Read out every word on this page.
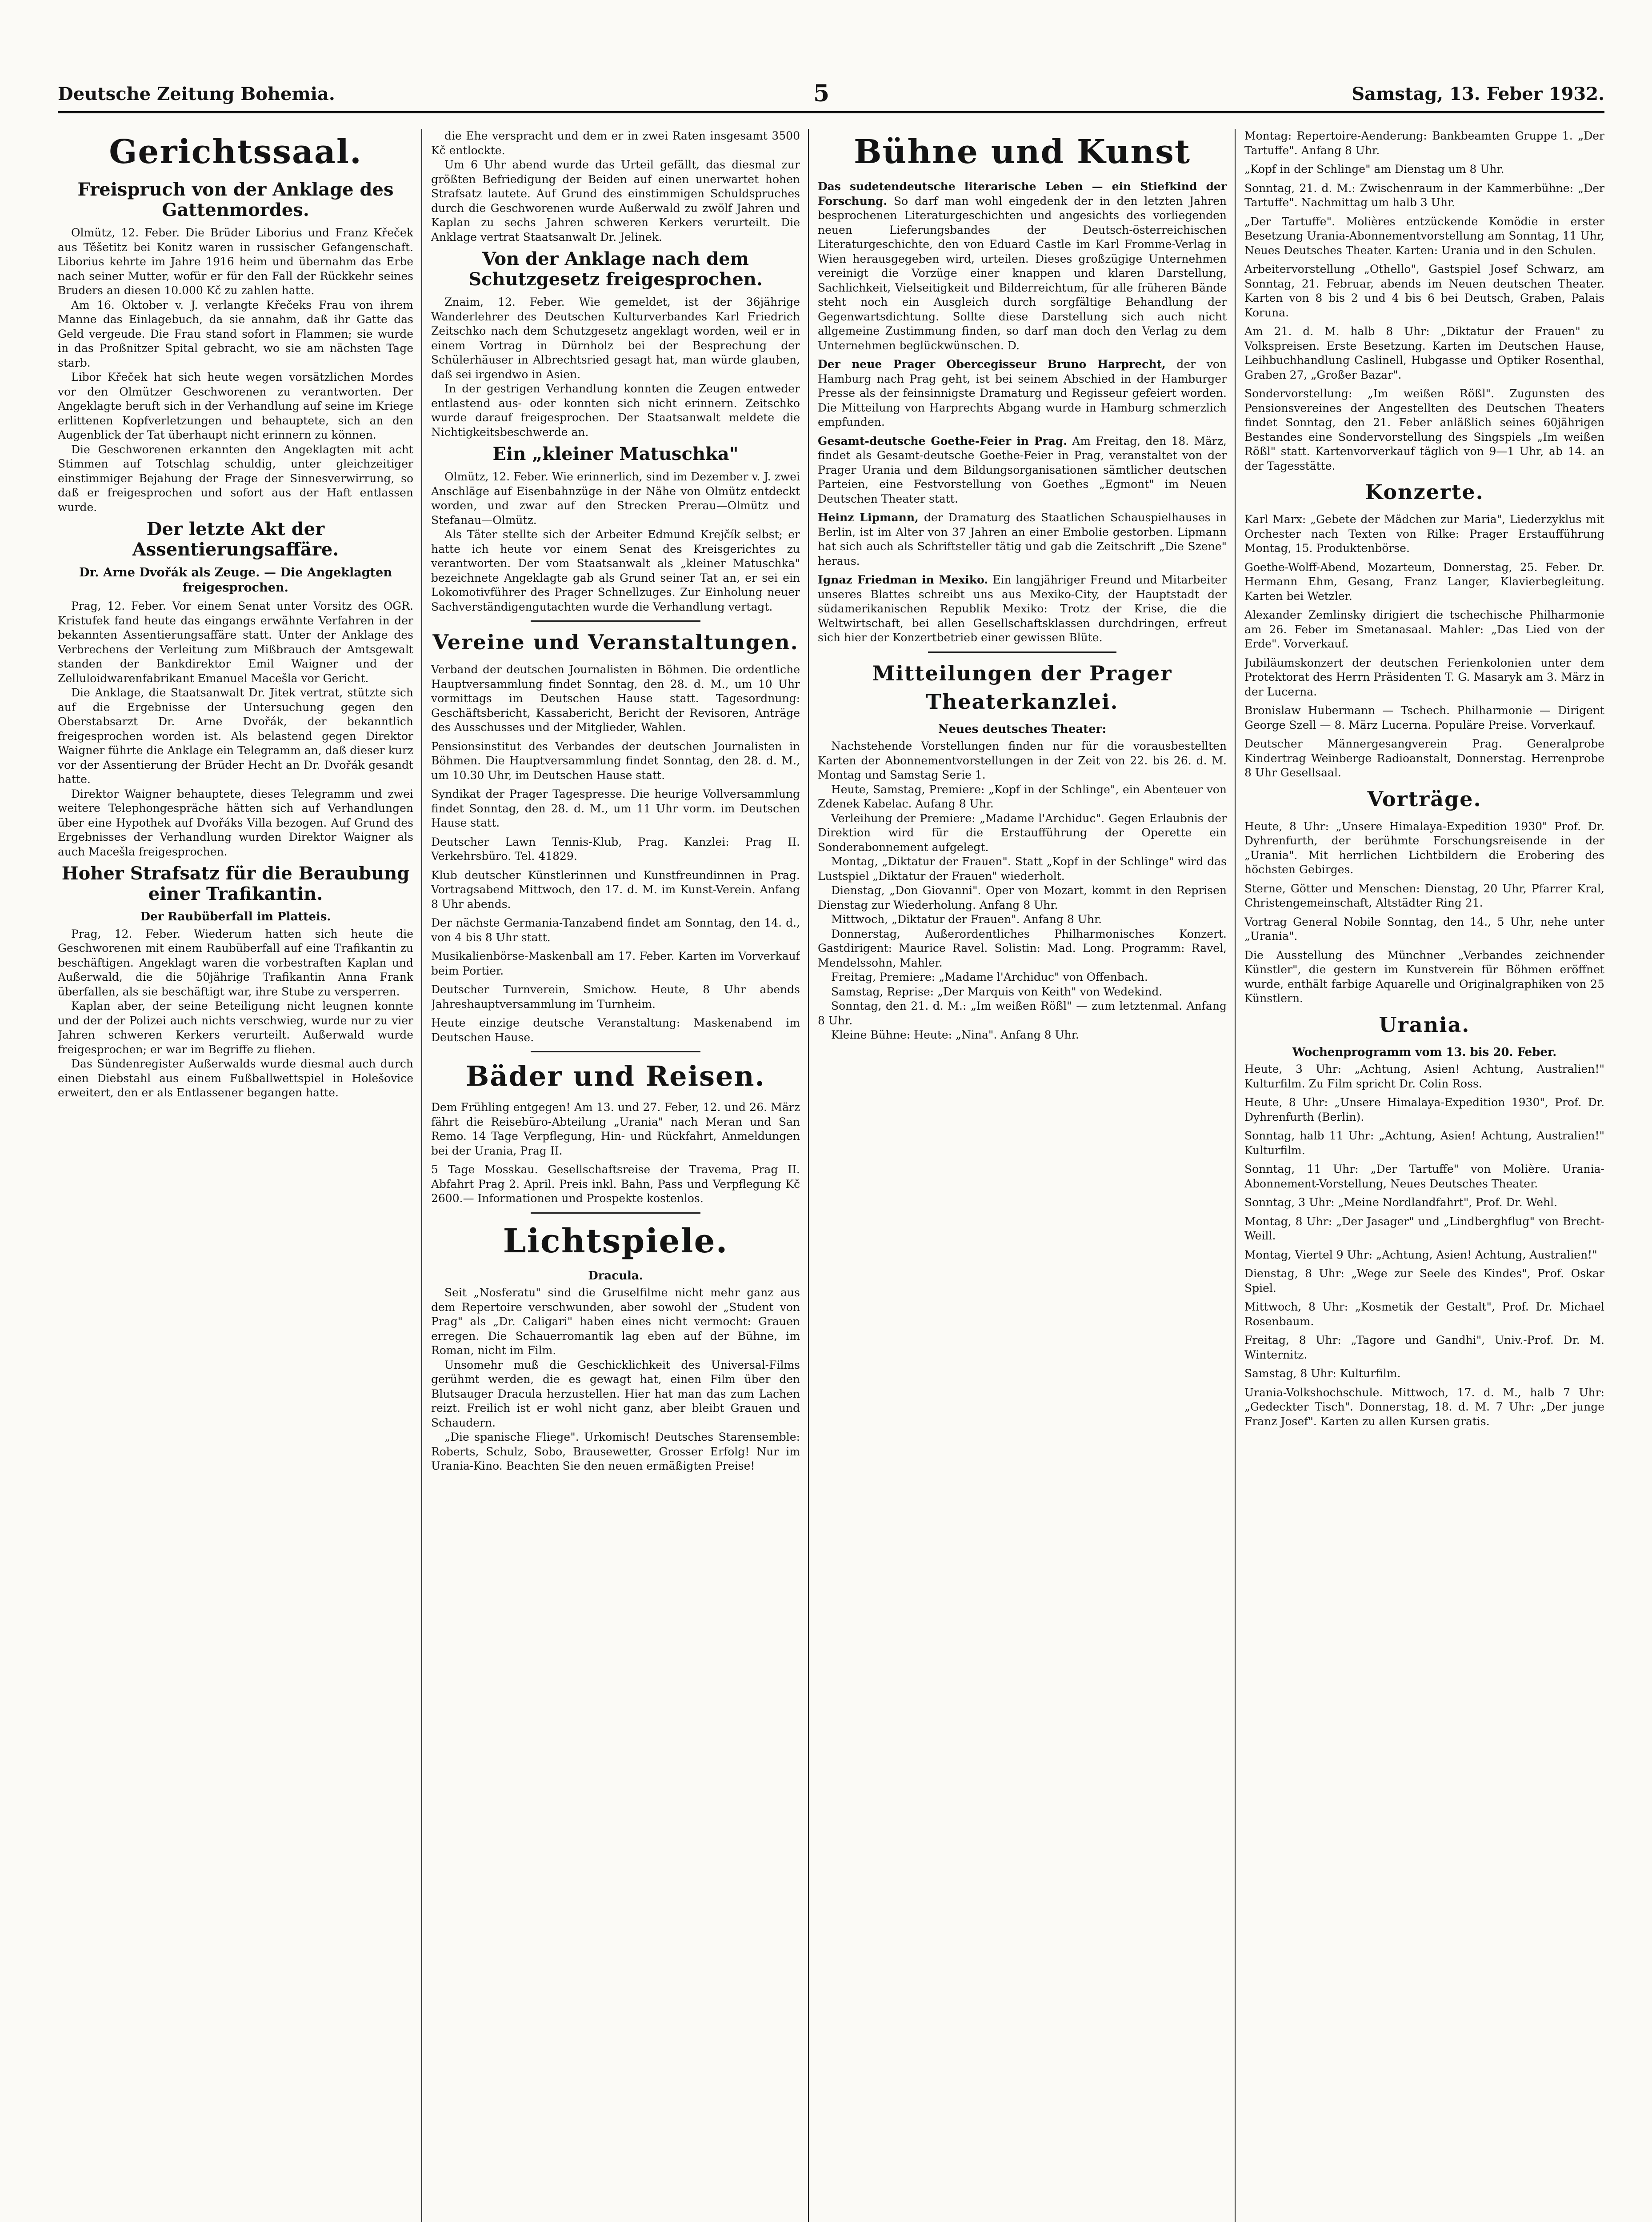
Deutsche Zeitung Bohemia.	5	Samstag, 13. Feber 1932.
Gerichtssaal.
Freispruch von der Anklage des Gattenmordes.

Olmütz, 12. Feber. Die Brüder Liborius und Franz Křeček aus Těšetitz bei Konitz waren in russischer Gefangenschaft. Liborius kehrte im Jahre 1916 heim und übernahm das Erbe nach seiner Mutter, wofür er für den Fall der Rückkehr seines Bruders an diesen 10.000 Kč zu zahlen hatte.

Am 16. Oktober v. J. verlangte Křečeks Frau von ihrem Manne das Einlagebuch, da sie annahm, daß ihr Gatte das Geld vergeude. Die Frau stand sofort in Flammen; sie wurde in das Proßnitzer Spital gebracht, wo sie am nächsten Tage starb.

Libor Křeček hat sich heute wegen vorsätzlichen Mordes vor den Olmützer Geschworenen zu verantworten. Der Angeklagte beruft sich in der Verhandlung auf seine im Kriege erlittenen Kopfverletzungen und behauptete, sich an den Augenblick der Tat überhaupt nicht erinnern zu können.

Die Geschworenen erkannten den Angeklagten mit acht Stimmen auf Totschlag schuldig, unter gleichzeitiger einstimmiger Bejahung der Frage der Sinnesverwirrung, so daß er freigesprochen und sofort aus der Haft entlassen wurde.

Der letzte Akt der Assentierungsaffäre.
Dr. Arne Dvořák als Zeuge. — Die Angeklagten freigesprochen.

Prag, 12. Feber. Vor einem Senat unter Vorsitz des OGR. Kristufek fand heute das eingangs erwähnte Verfahren in der bekannten Assentierungsaffäre statt. Unter der Anklage des Verbrechens der Verleitung zum Mißbrauch der Amtsgewalt standen der Bankdirektor Emil Waigner und der Zelluloidwarenfabrikant Emanuel Macešla vor Gericht.

Die Anklage, die Staatsanwalt Dr. Jitek vertrat, stützte sich auf die Ergebnisse der Untersuchung gegen den Oberstabsarzt Dr. Arne Dvořák, der bekanntlich freigesprochen worden ist. Als belastend gegen Direktor Waigner führte die Anklage ein Telegramm an, daß dieser kurz vor der Assentierung der Brüder Hecht an Dr. Dvořák gesandt hatte.

Direktor Waigner behauptete, dieses Telegramm und zwei weitere Telephongespräche hätten sich auf Verhandlungen über eine Hypothek auf Dvořáks Villa bezogen. Auf Grund des Ergebnisses der Verhandlung wurden Direktor Waigner als auch Macešla freigesprochen.

Hoher Strafsatz für die Beraubung einer Trafikantin.
Der Raubüberfall im Platteis.

Prag, 12. Feber. Wiederum hatten sich heute die Geschworenen mit einem Raubüberfall auf eine Trafikantin zu beschäftigen. Angeklagt waren die vorbestraften Kaplan und Außerwald, die die 50jährige Trafikantin Anna Frank überfallen, als sie beschäftigt war, ihre Stube zu versperren.

Kaplan aber, der seine Beteiligung nicht leugnen konnte und der der Polizei auch nichts verschwieg, wurde nur zu vier Jahren schweren Kerkers verurteilt. Außerwald wurde freigesprochen; er war im Begriffe zu fliehen.

Das Sündenregister Außerwalds wurde diesmal auch durch einen Diebstahl aus einem Fußballwettspiel in Holešovice erweitert, den er als Entlassener begangen hatte.

die Ehe verspracht und dem er in zwei Raten insgesamt 3500 Kč entlockte.

Um 6 Uhr abend wurde das Urteil gefällt, das diesmal zur größten Befriedigung der Beiden auf einen unerwartet hohen Strafsatz lautete. Auf Grund des einstimmigen Schuldspruches durch die Geschworenen wurde Außerwald zu zwölf Jahren und Kaplan zu sechs Jahren schweren Kerkers verurteilt. Die Anklage vertrat Staatsanwalt Dr. Jelinek.

Von der Anklage nach dem Schutzgesetz freigesprochen.

Znaim, 12. Feber. Wie gemeldet, ist der 36jährige Wanderlehrer des Deutschen Kulturverbandes Karl Friedrich Zeitschko nach dem Schutzgesetz angeklagt worden, weil er in einem Vortrag in Dürnholz bei der Besprechung der Schülerhäuser in Albrechtsried gesagt hat, man würde glauben, daß sei irgendwo in Asien.

In der gestrigen Verhandlung konnten die Zeugen entweder entlastend aus- oder konnten sich nicht erinnern. Zeitschko wurde darauf freigesprochen. Der Staatsanwalt meldete die Nichtigkeitsbeschwerde an.

Ein „kleiner Matuschka"

Olmütz, 12. Feber. Wie erinnerlich, sind im Dezember v. J. zwei Anschläge auf Eisenbahnzüge in der Nähe von Olmütz entdeckt worden, und zwar auf den Strecken Prerau—Olmütz und Stefanau—Olmütz.

Als Täter stellte sich der Arbeiter Edmund Krejčík selbst; er hatte ich heute vor einem Senat des Kreisgerichtes zu verantworten. Der vom Staatsanwalt als „kleiner Matuschka" bezeichnete Angeklagte gab als Grund seiner Tat an, er sei ein Lokomotivführer des Prager Schnellzuges. Zur Einholung neuer Sachverständigengutachten wurde die Verhandlung vertagt.

Vereine und Veranstaltungen.
Verband der deutschen Journalisten in Böhmen. Die ordentliche Hauptversammlung findet Sonntag, den 28. d. M., um 10 Uhr vormittags im Deutschen Hause statt. Tagesordnung: Geschäftsbericht, Kassabericht, Bericht der Revisoren, Anträge des Ausschusses und der Mitglieder, Wahlen.
Pensionsinstitut des Verbandes der deutschen Journalisten in Böhmen. Die Hauptversammlung findet Sonntag, den 28. d. M., um 10.30 Uhr, im Deutschen Hause statt.
Syndikat der Prager Tagespresse. Die heurige Vollversammlung findet Sonntag, den 28. d. M., um 11 Uhr vorm. im Deutschen Hause statt.
Deutscher Lawn Tennis-Klub, Prag. Kanzlei: Prag II. Verkehrsbüro. Tel. 41829.
Klub deutscher Künstlerinnen und Kunstfreundinnen in Prag. Vortragsabend Mittwoch, den 17. d. M. im Kunst-Verein. Anfang 8 Uhr abends.
Der nächste Germania-Tanzabend findet am Sonntag, den 14. d., von 4 bis 8 Uhr statt.
Musikalienbörse-Maskenball am 17. Feber. Karten im Vorverkauf beim Portier.
Deutscher Turnverein, Smichow. Heute, 8 Uhr abends Jahreshauptversammlung im Turnheim.
Heute einzige deutsche Veranstaltung: Maskenabend im Deutschen Hause.
Bäder und Reisen.
Dem Frühling entgegen! Am 13. und 27. Feber, 12. und 26. März fährt die Reisebüro-Abteilung „Urania" nach Meran und San Remo. 14 Tage Verpflegung, Hin- und Rückfahrt, Anmeldungen bei der Urania, Prag II.
5 Tage Mosskau. Gesellschaftsreise der Travema, Prag II. Abfahrt Prag 2. April. Preis inkl. Bahn, Pass und Verpflegung Kč 2600.— Informationen und Prospekte kostenlos.
Lichtspiele.
Dracula.

Seit „Nosferatu" sind die Gruselfilme nicht mehr ganz aus dem Repertoire verschwunden, aber sowohl der „Student von Prag" als „Dr. Caligari" haben eines nicht vermocht: Grauen erregen. Die Schauerromantik lag eben auf der Bühne, im Roman, nicht im Film.

Unsomehr muß die Geschicklichkeit des Universal-Films gerühmt werden, die es gewagt hat, einen Film über den Blutsauger Dracula herzustellen. Hier hat man das zum Lachen reizt. Freilich ist er wohl nicht ganz, aber bleibt Grauen und Schaudern.

„Die spanische Fliege". Urkomisch! Deutsches Starensemble: Roberts, Schulz, Sobo, Brausewetter, Grosser Erfolg! Nur im Urania-Kino. Beachten Sie den neuen ermäßigten Preise!

Bühne und Kunst
Das sudetendeutsche literarische Leben — ein Stiefkind der Forschung. So darf man wohl eingedenk der in den letzten Jahren besprochenen Literaturgeschichten und angesichts des vorliegenden neuen Lieferungsbandes der Deutsch-österreichischen Literaturgeschichte, den von Eduard Castle im Karl Fromme-Verlag in Wien herausgegeben wird, urteilen. Dieses großzügige Unternehmen vereinigt die Vorzüge einer knappen und klaren Darstellung, Sachlichkeit, Vielseitigkeit und Bilderreichtum, für alle früheren Bände steht noch ein Ausgleich durch sorgfältige Behandlung der Gegenwartsdichtung. Sollte diese Darstellung sich auch nicht allgemeine Zustimmung finden, so darf man doch den Verlag zu dem Unternehmen beglückwünschen. D.
Der neue Prager Obercegisseur Bruno Harprecht, der von Hamburg nach Prag geht, ist bei seinem Abschied in der Hamburger Presse als der feinsinnigste Dramaturg und Regisseur gefeiert worden. Die Mitteilung von Harprechts Abgang wurde in Hamburg schmerzlich empfunden.
Gesamt-deutsche Goethe-Feier in Prag. Am Freitag, den 18. März, findet als Gesamt-deutsche Goethe-Feier in Prag, veranstaltet von der Prager Urania und dem Bildungsorganisationen sämtlicher deutschen Parteien, eine Festvorstellung von Goethes „Egmont" im Neuen Deutschen Theater statt.
Heinz Lipmann, der Dramaturg des Staatlichen Schauspielhauses in Berlin, ist im Alter von 37 Jahren an einer Embolie gestorben. Lipmann hat sich auch als Schriftsteller tätig und gab die Zeitschrift „Die Szene" heraus.
Ignaz Friedman in Mexiko. Ein langjähriger Freund und Mitarbeiter unseres Blattes schreibt uns aus Mexiko-City, der Hauptstadt der südamerikanischen Republik Mexiko: Trotz der Krise, die die Weltwirtschaft, bei allen Gesellschaftsklassen durchdringen, erfreut sich hier der Konzertbetrieb einer gewissen Blüte.
Mitteilungen der Prager Theaterkanzlei.
Neues deutsches Theater:

Nachstehende Vorstellungen finden nur für die vorausbestellten Karten der Abonnementvorstellungen in der Zeit von 22. bis 26. d. M. Montag und Samstag Serie 1.

Heute, Samstag, Premiere: „Kopf in der Schlinge", ein Abenteuer von Zdenek Kabelac. Aufang 8 Uhr.

Verleihung der Premiere: „Madame l'Archiduc". Gegen Erlaubnis der Direktion wird für die Erstaufführung der Operette ein Sonderabonnement aufgelegt.

Montag, „Diktatur der Frauen". Statt „Kopf in der Schlinge" wird das Lustspiel „Diktatur der Frauen" wiederholt.

Dienstag, „Don Giovanni". Oper von Mozart, kommt in den Reprisen Dienstag zur Wiederholung. Anfang 8 Uhr.

Mittwoch, „Diktatur der Frauen". Anfang 8 Uhr.

Donnerstag, Außerordentliches Philharmonisches Konzert. Gastdirigent: Maurice Ravel. Solistin: Mad. Long. Programm: Ravel, Mendelssohn, Mahler.

Freitag, Premiere: „Madame l'Archiduc" von Offenbach.

Samstag, Reprise: „Der Marquis von Keith" von Wedekind.

Sonntag, den 21. d. M.: „Im weißen Rößl" — zum letztenmal. Anfang 8 Uhr.

Kleine Bühne: Heute: „Nina". Anfang 8 Uhr.

Montag: Repertoire-Aenderung: Bankbeamten Gruppe 1. „Der Tartuffe". Anfang 8 Uhr.
„Kopf in der Schlinge" am Dienstag um 8 Uhr.
Sonntag, 21. d. M.: Zwischenraum in der Kammerbühne: „Der Tartuffe". Nachmittag um halb 3 Uhr.
„Der Tartuffe". Molières entzückende Komödie in erster Besetzung Urania-Abonnementvorstellung am Sonntag, 11 Uhr, Neues Deutsches Theater. Karten: Urania und in den Schulen.
Arbeitervorstellung „Othello", Gastspiel Josef Schwarz, am Sonntag, 21. Februar, abends im Neuen deutschen Theater. Karten von 8 bis 2 und 4 bis 6 bei Deutsch, Graben, Palais Koruna.
Am 21. d. M. halb 8 Uhr: „Diktatur der Frauen" zu Volkspreisen. Erste Besetzung. Karten im Deutschen Hause, Leihbuchhandlung Caslinell, Hubgasse und Optiker Rosenthal, Graben 27, „Großer Bazar".
Sondervorstellung: „Im weißen Rößl". Zugunsten des Pensionsvereines der Angestellten des Deutschen Theaters findet Sonntag, den 21. Feber anläßlich seines 60jährigen Bestandes eine Sondervorstellung des Singspiels „Im weißen Rößl" statt. Kartenvorverkauf täglich von 9—1 Uhr, ab 14. an der Tagesstätte.
Konzerte.
Karl Marx: „Gebete der Mädchen zur Maria", Liederzyklus mit Orchester nach Texten von Rilke: Prager Erstaufführung Montag, 15. Produktenbörse.
Goethe-Wolff-Abend, Mozarteum, Donnerstag, 25. Feber. Dr. Hermann Ehm, Gesang, Franz Langer, Klavierbegleitung. Karten bei Wetzler.
Alexander Zemlinsky dirigiert die tschechische Philharmonie am 26. Feber im Smetanasaal. Mahler: „Das Lied von der Erde". Vorverkauf.
Jubiläumskonzert der deutschen Ferienkolonien unter dem Protektorat des Herrn Präsidenten T. G. Masaryk am 3. März in der Lucerna.
Bronislaw Hubermann — Tschech. Philharmonie — Dirigent George Szell — 8. März Lucerna. Populäre Preise. Vorverkauf.
Deutscher Männergesangverein Prag. Generalprobe Kindertrag Weinberge Radioanstalt, Donnerstag. Herrenprobe 8 Uhr Gesellsaal.
Vorträge.
Heute, 8 Uhr: „Unsere Himalaya-Expedition 1930" Prof. Dr. Dyhrenfurth, der berühmte Forschungsreisende in der „Urania". Mit herrlichen Lichtbildern die Erobering des höchsten Gebirges.
Sterne, Götter und Menschen: Dienstag, 20 Uhr, Pfarrer Kral, Christengemeinschaft, Altstädter Ring 21.
Vortrag General Nobile Sonntag, den 14., 5 Uhr, nehe unter „Urania".
Die Ausstellung des Münchner „Verbandes zeichnender Künstler", die gestern im Kunstverein für Böhmen eröffnet wurde, enthält farbige Aquarelle und Originalgraphiken von 25 Künstlern.
Urania.
Wochenprogramm vom 13. bis 20. Feber.
Heute, 3 Uhr: „Achtung, Asien! Achtung, Australien!" Kulturfilm. Zu Film spricht Dr. Colin Ross.
Heute, 8 Uhr: „Unsere Himalaya-Expedition 1930", Prof. Dr. Dyhrenfurth (Berlin).
Sonntag, halb 11 Uhr: „Achtung, Asien! Achtung, Australien!" Kulturfilm.
Sonntag, 11 Uhr: „Der Tartuffe" von Molière. Urania-Abonnement-Vorstellung, Neues Deutsches Theater.
Sonntag, 3 Uhr: „Meine Nordlandfahrt", Prof. Dr. Wehl.
Montag, 8 Uhr: „Der Jasager" und „Lindberghflug" von Brecht-Weill.
Montag, Viertel 9 Uhr: „Achtung, Asien! Achtung, Australien!"
Dienstag, 8 Uhr: „Wege zur Seele des Kindes", Prof. Oskar Spiel.
Mittwoch, 8 Uhr: „Kosmetik der Gestalt", Prof. Dr. Michael Rosenbaum.
Freitag, 8 Uhr: „Tagore und Gandhi", Univ.-Prof. Dr. M. Winternitz.
Samstag, 8 Uhr: Kulturfilm.
Urania-Volkshochschule. Mittwoch, 17. d. M., halb 7 Uhr: „Gedeckter Tisch". Donnerstag, 18. d. M. 7 Uhr: „Der junge Franz Josef". Karten zu allen Kursen gratis.
